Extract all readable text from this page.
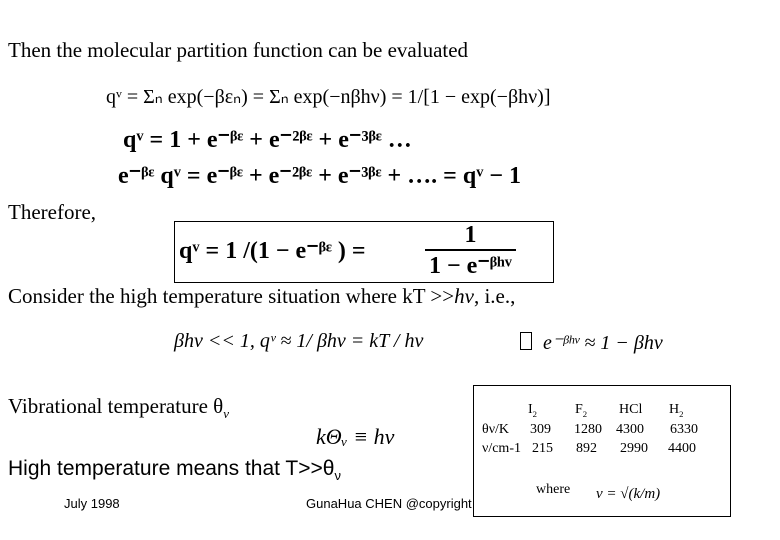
Then the molecular partition function can be evaluated
qᵛ = Σₙ exp(−βεₙ) = Σₙ exp(−nβhν) = 1/[1 − exp(−βhν)]
qᵛ = 1 + e⁻ᵝᵋ + e⁻²ᵝᵋ + e⁻³ᵝᵋ …
e⁻ᵝᵋ qᵛ = e⁻ᵝᵋ + e⁻²ᵝᵋ + e⁻³ᵝᵋ + …. = qᵛ − 1
Therefore,
qᵛ = 1 /(1 − e⁻ᵝᵋ ) =
1
1 − e⁻ᵝʰᵛ
Consider the high temperature situation where kT >>hν, i.e.,
βhν << 1, qᵛ ≈ 1/ βhν = kT / hν	e⁻ᵝʰᵛ ≈ 1 − βhν
Vibrational temperature $\theta_\nu$
kΘᵥ ≡ hν
High temperature means that $T>>\theta_\nu$
July 1998	GunaHua CHEN @copyright
$I_2$	$F_2$ HCl $H_2$
θν/K 309 1280 4300 6330
ν/cm-1 215 892 2990 4400
where ν = √(k/m)
